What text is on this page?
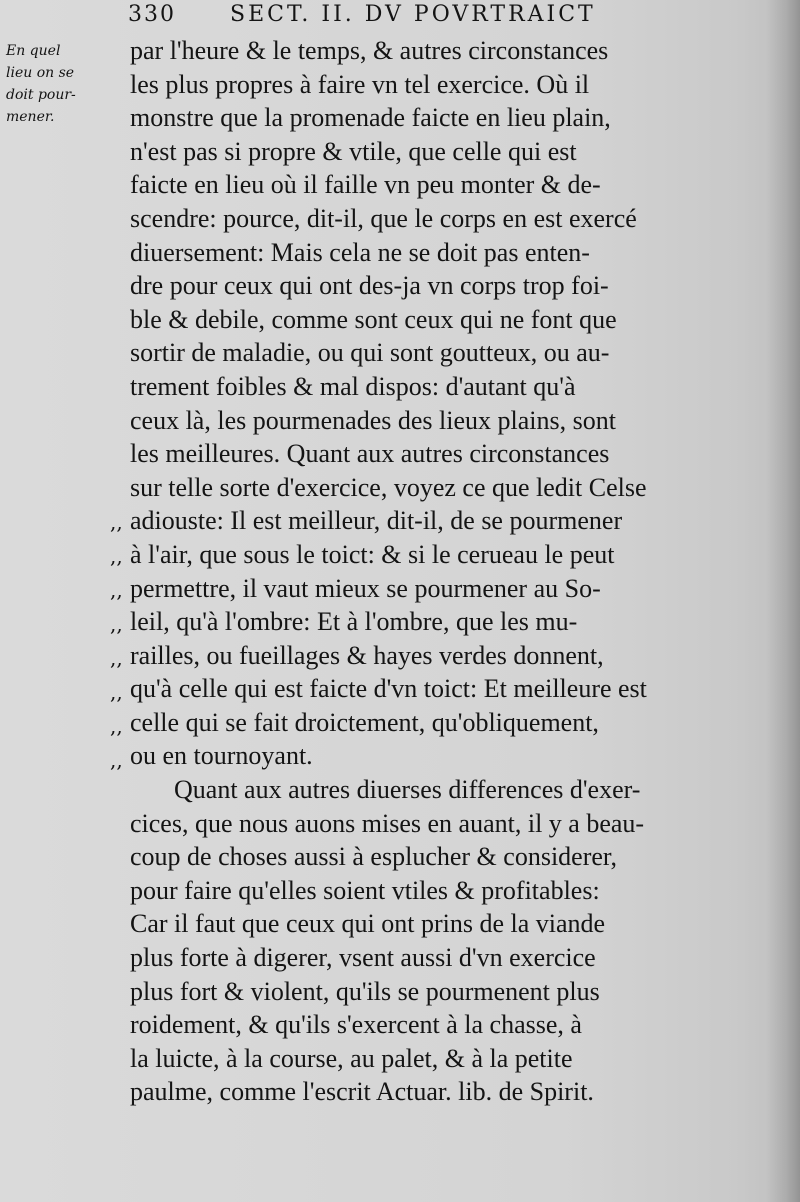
330 SECT. II. DV POVRTRAICT
En quel
lieu on se
doit pour-
mener.
,,
,,
,,
,,
,,
,,
,,
,,
par l'heure & le temps, & autres circonstances
les plus propres à faire vn tel exercice. Où il
monstre que la promenade faicte en lieu plain,
n'est pas si propre & vtile, que celle qui est
faicte en lieu où il faille vn peu monter & de-
scendre: pource, dit-il, que le corps en est exercé
diuersement: Mais cela ne se doit pas enten-
dre pour ceux qui ont des-ja vn corps trop foi-
ble & debile, comme sont ceux qui ne font que
sortir de maladie, ou qui sont goutteux, ou au-
trement foibles & mal dispos: d'autant qu'à
ceux là, les pourmenades des lieux plains, sont
les meilleures. Quant aux autres circonstances
sur telle sorte d'exercice, voyez ce que ledit Celse
adiouste: Il est meilleur, dit-il, de se pourmener
à l'air, que sous le toict: & si le cerueau le peut
permettre, il vaut mieux se pourmener au So-
leil, qu'à l'ombre: Et à l'ombre, que les mu-
railles, ou fueillages & hayes verdes donnent,
qu'à celle qui est faicte d'vn toict: Et meilleure est
celle qui se fait droictement, qu'obliquement,
ou en tournoyant.
Quant aux autres diuerses differences d'exer-
cices, que nous auons mises en auant, il y a beau-
coup de choses aussi à esplucher & considerer,
pour faire qu'elles soient vtiles & profitables:
Car il faut que ceux qui ont prins de la viande
plus forte à digerer, vsent aussi d'vn exercice
plus fort & violent, qu'ils se pourmenent plus
roidement, & qu'ils s'exercent à la chasse, à
la luicte, à la course, au palet, & à la petite
paulme, comme l'escrit Actuar. lib. de Spirit.
